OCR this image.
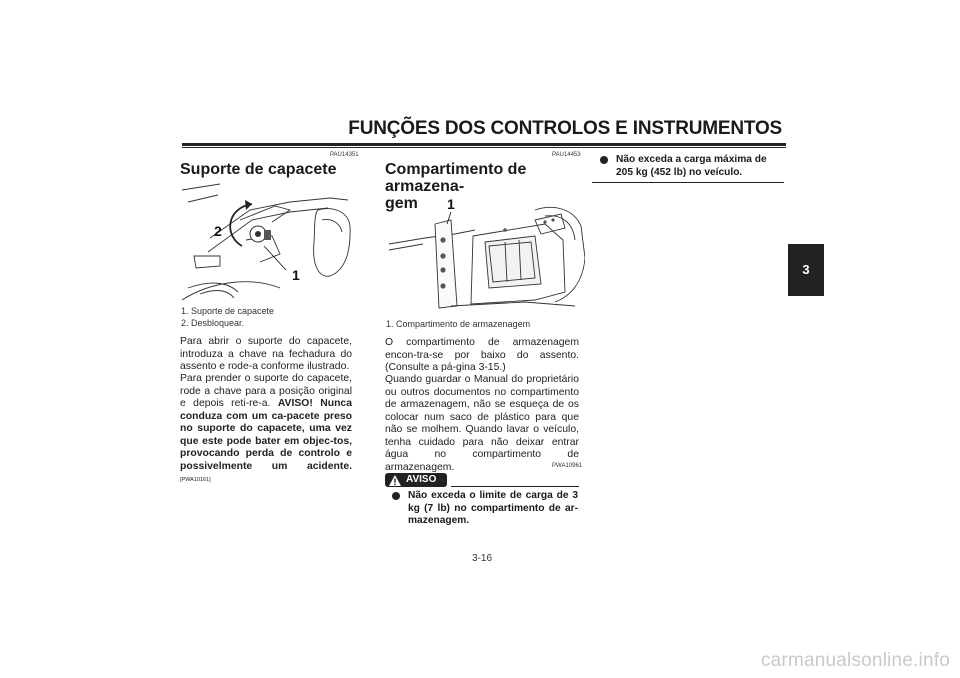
FUNÇÕES DOS CONTROLOS E INSTRUMENTOS
3
PAU14351
Suporte de capacete
2
1
1. Suporte de capacete
2. Desbloquear.
Para abrir o suporte do capacete, introduza a chave na fechadura do assento e rode-a conforme ilustrado.
Para prender o suporte do capacete, rode a chave para a posição original e depois reti-re-a. AVISO! Nunca conduza com um ca-pacete preso no suporte do capacete, uma vez que este pode bater em objec-tos, provocando perda de controlo e possivelmente um acidente. [PWA10161]
PAU14453
Compartimento de armazena-
gem	1
1. Compartimento de armazenagem
O compartimento de armazenagem encon-tra-se por baixo do assento. (Consulte a pá-gina 3-15.)
Quando guardar o Manual do proprietário ou outros documentos no compartimento de armazenagem, não se esqueça de os colocar num saco de plástico para que não se molhem. Quando lavar o veículo, tenha cuidado para não deixar entrar água no compartimento de armazenagem.	PWA10961
AVISO
Não exceda o limite de carga de 3 kg (7 lb) no compartimento de ar-mazenagem.
Não exceda a carga máxima de 205 kg (452 lb) no veículo.
3-16
carmanualsonline.info
